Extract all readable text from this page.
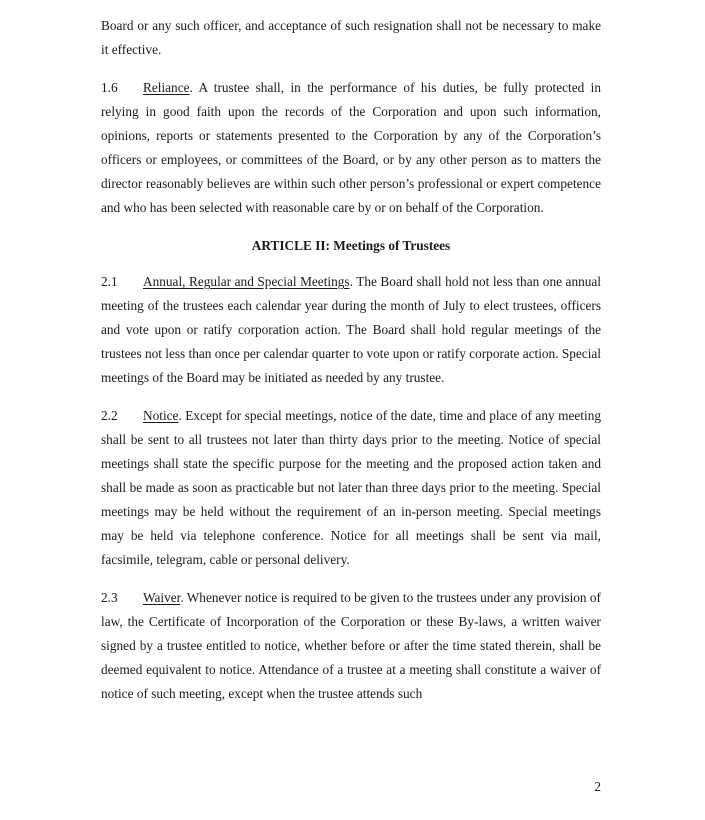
Board or any such officer, and acceptance of such resignation shall not be necessary to make it effective.

1.6 Reliance. A trustee shall, in the performance of his duties, be fully protected in relying in good faith upon the records of the Corporation and upon such information, opinions, reports or statements presented to the Corporation by any of the Corporation’s officers or employees, or committees of the Board, or by any other person as to matters the director reasonably believes are within such other person’s professional or expert competence and who has been selected with reasonable care by or on behalf of the Corporation.

ARTICLE II: Meetings of Trustees

2.1 Annual, Regular and Special Meetings. The Board shall hold not less than one annual meeting of the trustees each calendar year during the month of July to elect trustees, officers and vote upon or ratify corporation action. The Board shall hold regular meetings of the trustees not less than once per calendar quarter to vote upon or ratify corporate action. Special meetings of the Board may be initiated as needed by any trustee.

2.2 Notice. Except for special meetings, notice of the date, time and place of any meeting shall be sent to all trustees not later than thirty days prior to the meeting. Notice of special meetings shall state the specific purpose for the meeting and the proposed action taken and shall be made as soon as practicable but not later than three days prior to the meeting. Special meetings may be held without the requirement of an in-person meeting. Special meetings may be held via telephone conference. Notice for all meetings shall be sent via mail, facsimile, telegram, cable or personal delivery.

2.3 Waiver. Whenever notice is required to be given to the trustees under any provision of law, the Certificate of Incorporation of the Corporation or these By-laws, a written waiver signed by a trustee entitled to notice, whether before or after the time stated therein, shall be deemed equivalent to notice. Attendance of a trustee at a meeting shall constitute a waiver of notice of such meeting, except when the trustee attends such

2
